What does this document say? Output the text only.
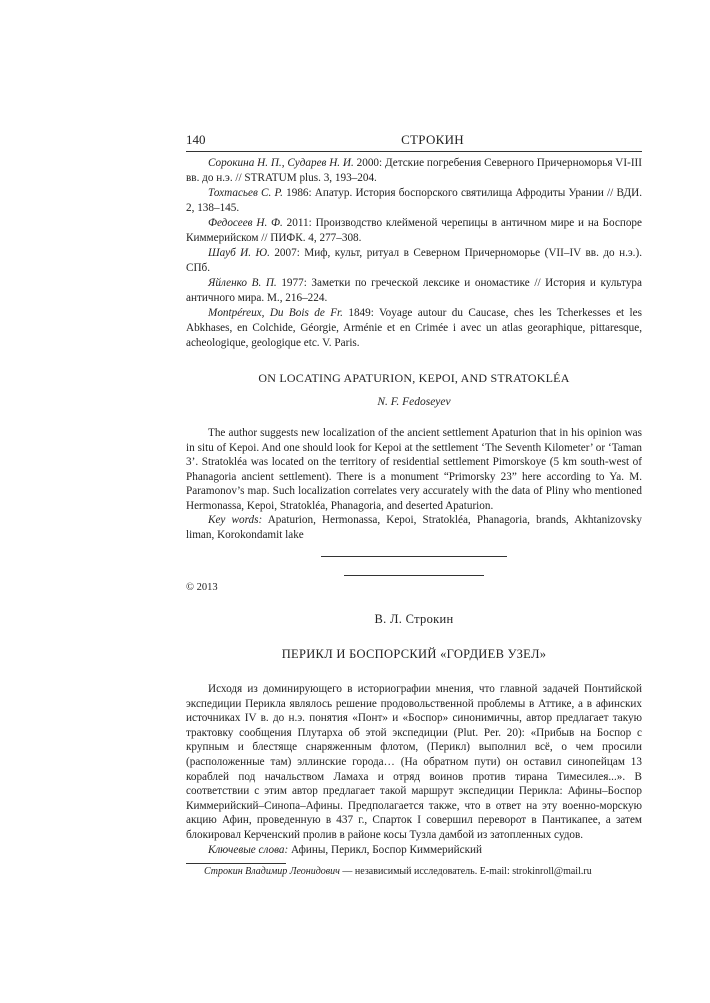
140	СТРОКИН

Сорокина Н. П., Сударев Н. И. 2000: Детские погребения Северного Причерноморья VI-III вв. до н.э. // STRATUM plus. 3, 193–204.

Тохтасьев С. Р. 1986: Апатур. История боспорского святилища Афродиты Урании // ВДИ. 2, 138–145.

Федосеев Н. Ф. 2011: Производство клейменой черепицы в античном мире и на Боспоре Киммерийском // ПИФК. 4, 277–308.

Шауб И. Ю. 2007: Миф, культ, ритуал в Северном Причерноморье (VII–IV вв. до н.э.). СПб.

Яйленко В. П. 1977: Заметки по греческой лексике и ономастике // История и культура античного мира. М., 216–224.

Montpéreux, Du Bois de Fr. 1849: Voyage autour du Caucase, ches les Tcherkesses et les Abkhases, en Colchide, Géorgie, Arménie et en Crimée i avec un atlas georaphique, pittaresque, acheologique, geologique etc. V. Paris.

ON LOCATING APATURION, KEPOI, AND STRATOKLÉA
N. F. Fedoseyev

The author suggests new localization of the ancient settlement Apaturion that in his opinion was in situ of Kepoi. And one should look for Kepoi at the settlement ‘The Seventh Kilometer’ or ‘Taman 3’. Stratokléa was located on the territory of residential settlement Pimorskoye (5 km south-west of Phanagoria ancient settlement). There is a monument “Primorsky 23” here according to Ya. M. Paramonov’s map. Such localization correlates very accurately with the data of Pliny who mentioned Hermonassa, Kepoi, Stratokléa, Phanagoria, and deserted Apaturion.

Key words: Apaturion, Hermonassa, Kepoi, Stratokléa, Phanagoria, brands, Akhtanizovsky liman, Korokondamit lake

В. Л. Строкин
ПЕРИКЛ И БОСПОРСКИЙ «ГОРДИЕВ УЗЕЛ»

Исходя из доминирующего в историографии мнения, что главной задачей Понтийской экспедиции Перикла являлось решение продовольственной проблемы в Аттике, а в афинских источниках IV в. до н.э. понятия «Понт» и «Боспор» синонимичны, автор предлагает такую трактовку сообщения Плутарха об этой экспедиции (Plut. Per. 20): «Прибыв на Боспор с крупным и блестяще снаряженным флотом, (Перикл) выполнил всё, о чем просили (расположенные там) эллинские города… (На обратном пути) он оставил синопейцам 13 кораблей под начальством Ламаха и отряд воинов против тирана Тимесилея...». В соответствии с этим автор предлагает такой маршрут экспедиции Перикла: Афины–Боспор Киммерийский–Синопа–Афины. Предполагается также, что в ответ на эту военно-морскую акцию Афин, проведенную в 437 г., Спарток I совершил переворот в Пантикапее, а затем блокировал Керченский пролив в районе косы Тузла дамбой из затопленных судов.

Ключевые слова: Афины, Перикл, Боспор Киммерийский

Строкин Владимир Леонидович — независимый исследователь. E-mail: strokinroll@mail.ru
© 2013
